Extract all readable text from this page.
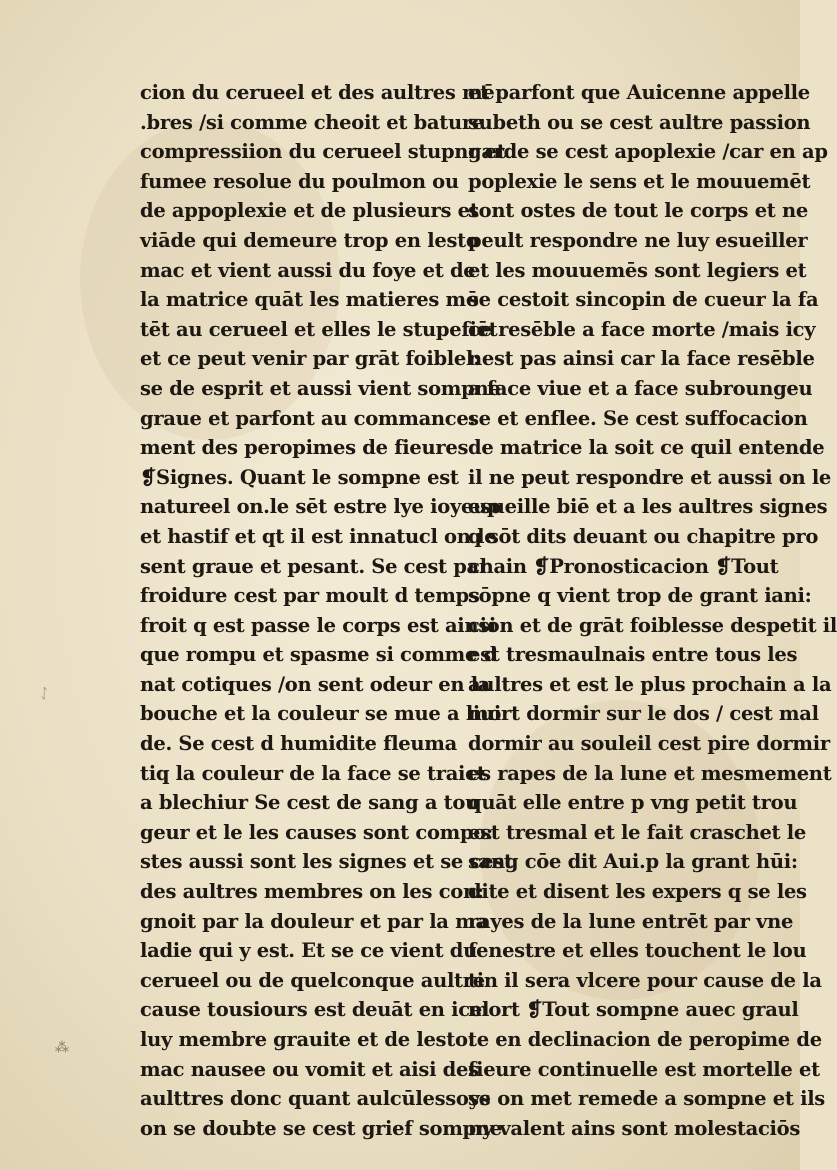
ᛇ
⁂
cion du cerueel et des aultres mē
.bres /si comme cheoit et bature
compressiion du cerueel stupnr et
fumee resolue du poulmon ou
de appoplexie et de plusieurs et
viāde qui demeure trop en lesto
mac et vient aussi du foye et de
la matrice quāt les matieres mō
tēt au cerueel et elles le stupefiēt
et ce peut venir par grāt foiblel:
se de esprit et aussi vient sompne
graue et parfont au commance:
ment des peropimes de fieures
❡Signes. Quant le sompne est
natureel on.le sēt estre lye ioyeup
et hastif et qt il est innatucl on le
sent graue et pesant. Se cest par
froidure cest par moult d temps
froit q est passe le corps est ainsi
que rompu et spasme si comme d
nat cotiques /on sent odeur en la
bouche et la couleur se mue a liui
de. Se cest d humidite fleuma
tiq la couleur de la face se traict
a blechiur Se cest de sang a tou
geur et le les causes sont compo:
stes aussi sont les signes et se cest
des aultres membres on les con:
gnoit par la douleur et par la ma
ladie qui y est. Et se ce vient du
cerueel ou de quelconque aultre
cause tousiours est deuāt en icel
luy membre grauite et de lesto:
mac nausee ou vomit et aisi des
aulttres donc quant aulcūlessoys
on se doubte se cest grief sompne
et parfont que Auicenne appelle
subeth ou se cest aultre passion
garde se cest apoplexie /car en ap
poplexie le sens et le mouuemēt
sont ostes de tout le corps et ne
peult respondre ne luy esueiller
et les mouuemēs sont legiers et
se cestoit sincopin de cueur la fa
ce resēble a face morte /mais icy
nest pas ainsi car la face resēble
a face viue et a face subroungeu
se et enflee. Se cest suffocacion
de matrice la soit ce quil entende
il ne peut respondre et aussi on le
esueille biē et a les aultres signes
q sōt dits deuant ou chapitre pro
chain ❡Pronosticacion ❡Tout
sōpne q vient trop de grant iani:
cion et de grāt foiblesse despetit il
est tresmaulnais entre tous les
aultres et est le plus prochain a la
mort dormir sur le dos / cest mal
dormir au souleil cest pire dormir
es rapes de la lune et mesmement
quāt elle entre p vng petit trou
est tresmal et le fait craschet le
sang cōe dit Aui.p la grant hūi:
dite et disent les expers q se les
rayes de la lune entrēt par vne
fenestre et elles touchent le lou
tin il sera vlcere pour cause de la
mort ❡Tout sompne auec graul
te en declinacion de peropime de
fieure continuelle est mortelle et
se on met remede a sompne et ils
ny valent ains sont molestaciōs
